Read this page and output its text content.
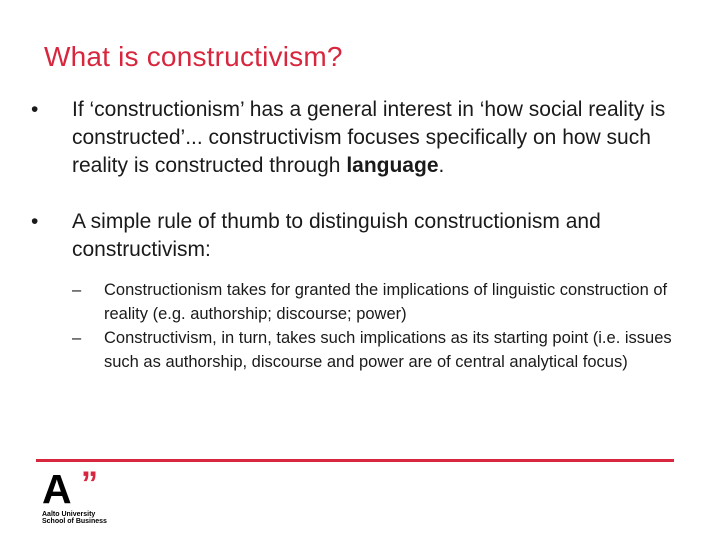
What is constructivism?
• If ‘constructionism’ has a general interest in ‘how social reality is constructed’... constructivism focuses specifically on how such reality is constructed through language.
• A simple rule of thumb to distinguish constructionism and constructivism:
– Constructionism takes for granted the implications of linguistic construction of reality (e.g. authorship; discourse; power)
– Constructivism, in turn, takes such implications as its starting point (i.e. issues such as authorship, discourse and power are of central analytical focus)
A ”
Aalto University
School of Business
